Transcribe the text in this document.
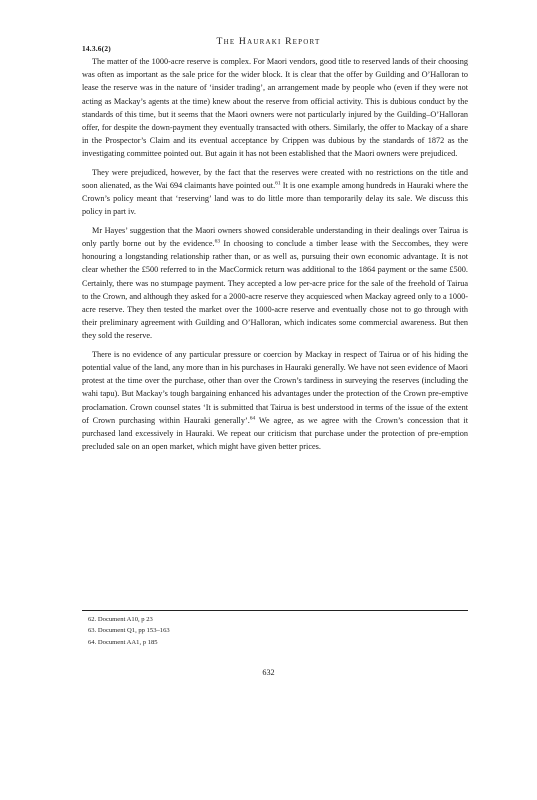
14.3.6(2)
The Hauraki Report

The matter of the 1000-acre reserve is complex. For Maori vendors, good title to reserved lands of their choosing was often as important as the sale price for the wider block. It is clear that the offer by Guilding and O’Halloran to lease the reserve was in the nature of ‘insider trading’, an arrangement made by people who (even if they were not acting as Mackay’s agents at the time) knew about the reserve from official activity. This is dubious conduct by the standards of this time, but it seems that the Maori owners were not particularly injured by the Guilding–O’Halloran offer, for despite the down-payment they eventually transacted with others. Similarly, the offer to Mackay of a share in the Prospector’s Claim and its eventual acceptance by Crippen was dubious by the standards of 1872 as the investigating committee pointed out. But again it has not been established that the Maori owners were prejudiced.

They were prejudiced, however, by the fact that the reserves were created with no restrictions on the title and soon alienated, as the Wai 694 claimants have pointed out.$^{61}$ It is one example among hundreds in Hauraki where the Crown’s policy meant that ‘reserving’ land was to do little more than temporarily delay its sale. We discuss this policy in part iv.

Mr Hayes’ suggestion that the Maori owners showed considerable understanding in their dealings over Tairua is only partly borne out by the evidence.$^{63}$ In choosing to conclude a timber lease with the Seccombes, they were honouring a longstanding relationship rather than, or as well as, pursuing their own economic advantage. It is not clear whether the £500 referred to in the MacCormick return was additional to the 1864 payment or the same £500. Certainly, there was no stumpage payment. They accepted a low per-acre price for the sale of the freehold of Tairua to the Crown, and although they asked for a 2000-acre reserve they acquiesced when Mackay agreed only to a 1000-acre reserve. They then tested the market over the 1000-acre reserve and eventually chose not to go through with their preliminary agreement with Guilding and O’Halloran, which indicates some commercial awareness. But then they sold the reserve.

There is no evidence of any particular pressure or coercion by Mackay in respect of Tairua or of his hiding the potential value of the land, any more than in his purchases in Hauraki generally. We have not seen evidence of Maori protest at the time over the purchase, other than over the Crown’s tardiness in surveying the reserves (including the wahi tapu). But Mackay’s tough bargaining enhanced his advantages under the protection of the Crown pre-emptive proclamation. Crown counsel states ‘It is submitted that Tairua is best understood in terms of the issue of the extent of Crown purchasing within Hauraki generally’.$^{64}$ We agree, as we agree with the Crown’s concession that it purchased land excessively in Hauraki. We repeat our criticism that purchase under the protection of pre-emption precluded sale on an open market, which might have given better prices.

62. Document A10, p 23
63. Document Q1, pp 153–163
64. Document AA1, p 185
632
